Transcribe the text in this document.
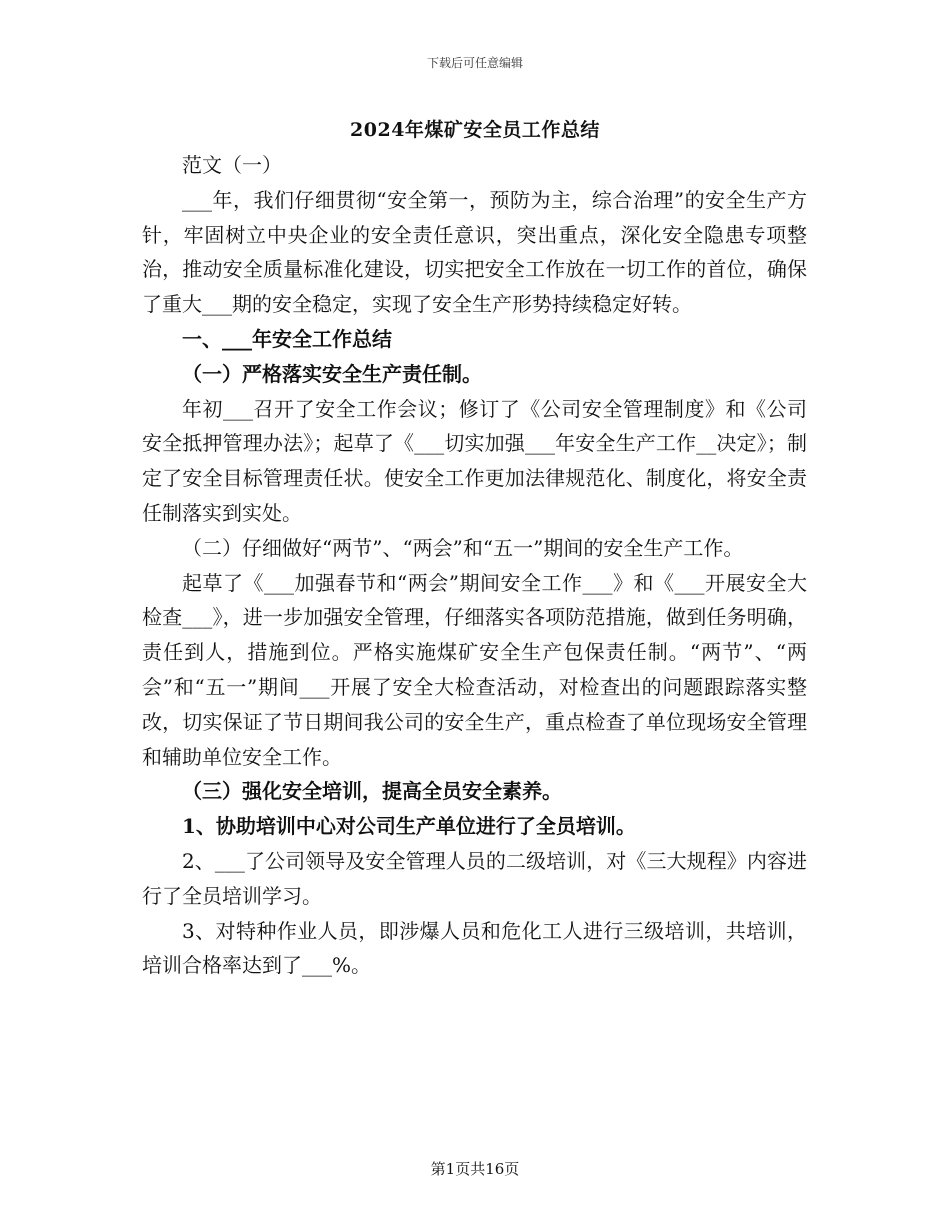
下载后可任意编辑
2024年煤矿安全员工作总结

范文（一）

___年，我们仔细贯彻“安全第一，预防为主，综合治理”的安全生产方针，牢固树立中央企业的安全责任意识，突出重点，深化安全隐患专项整治，推动安全质量标准化建设，切实把安全工作放在一切工作的首位，确保了重大___期的安全稳定，实现了安全生产形势持续稳定好转。

一、___年安全工作总结

（一）严格落实安全生产责任制。

年初___召开了安全工作会议；修订了《公司安全管理制度》和《公司安全抵押管理办法》；起草了《___切实加强___年安全生产工作__决定》；制定了安全目标管理责任状。使安全工作更加法律规范化、制度化，将安全责任制落实到实处。

（二）仔细做好“两节”、“两会”和“五一”期间的安全生产工作。

起草了《___加强春节和“两会”期间安全工作___》和《___开展安全大检查___》，进一步加强安全管理，仔细落实各项防范措施，做到任务明确，责任到人，措施到位。严格实施煤矿安全生产包保责任制。“两节”、“两会”和“五一”期间___开展了安全大检查活动，对检查出的问题跟踪落实整改，切实保证了节日期间我公司的安全生产，重点检查了单位现场安全管理和辅助单位安全工作。

（三）强化安全培训，提高全员安全素养。

1、协助培训中心对公司生产单位进行了全员培训。

2、___了公司领导及安全管理人员的二级培训，对《三大规程》内容进行了全员培训学习。

3、对特种作业人员，即涉爆人员和危化工人进行三级培训，共培训，培训合格率达到了___%。

第1页共16页
